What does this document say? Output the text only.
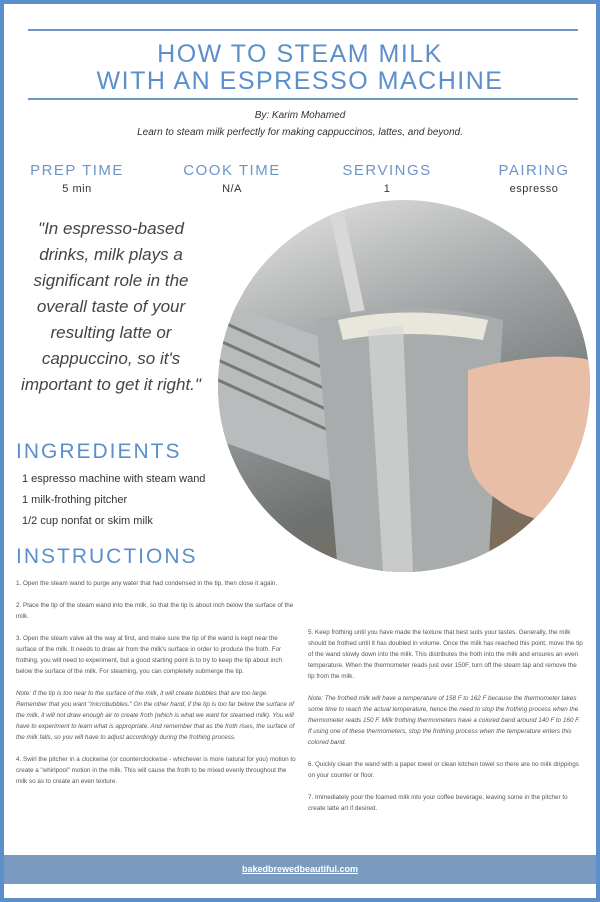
HOW TO STEAM MILK
WITH AN ESPRESSO MACHINE
By: Karim Mohamed
Learn to steam milk perfectly for making cappuccinos, lattes, and beyond.
PREP TIME
5 min
COOK TIME
N/A
SERVINGS
1
PAIRING
espresso
"In espresso-based drinks, milk plays a significant role in the overall taste of your resulting latte or cappuccino, so it's important to get it right."
INGREDIENTS
1 espresso machine with steam wand
1 milk-frothing pitcher
1/2 cup nonfat or skim milk
INSTRUCTIONS

1. Open the steam wand to purge any water that had condensed in the tip, then close it again.

2. Place the tip of the steam wand into the milk, so that the tip is about inch below the surface of the milk.

3. Open the steam valve all the way at first, and make sure the tip of the wand is kept near the surface of the milk. It needs to draw air from the milk's surface in order to produce the froth. For frothing, you will need to experiment, but a good starting point is to try to keep the tip about inch below the surface of the milk. For steaming, you can completely submerge the tip.

Note: If the tip is too near to the surface of the milk, it will create bubbles that are too large. Remember that you want "microbubbles." On the other hand, if the tip is too far below the surface of the milk, it will not draw enough air to create froth (which is what we want for steamed milk). You will have to experiment to learn what is appropriate. And remember that as the froth rises, the surface of the milk falls, so you will have to adjust accordingly during the frothing process.

4. Swirl the pitcher in a clockwise (or counterclockwise - whichever is more natural for you) motion to create a "whirlpool" motion in the milk. This will cause the froth to be mixed evenly throughout the milk so as to create an even texture.

5. Keep frothing until you have made the texture that best suits your tastes. Generally, the milk should be frothed until it has doubled in volume. Once the milk has reached this point, move the tip of the wand slowly down into the milk. This distributes the froth into the milk and ensures an even temperature. When the thermometer reads just over 150F, turn off the steam tap and remove the tip from the milk.

Note: The frothed milk will have a temperature of 158 F to 162 F because the thermometer takes some time to reach the actual temperature, hence the need to stop the frothing process when the thermometer reads 150 F. Milk frothing thermometers have a colored band around 140 F to 160 F. If using one of these thermometers, stop the frothing process when the temperature enters this colored band.

6. Quickly clean the wand with a paper towel or clean kitchen towel so there are no milk drippings on your counter or floor.

7. Immediately pour the foamed milk into your coffee beverage, leaving some in the pitcher to create latte art if desired.

bakedbrewedbeautiful.com
